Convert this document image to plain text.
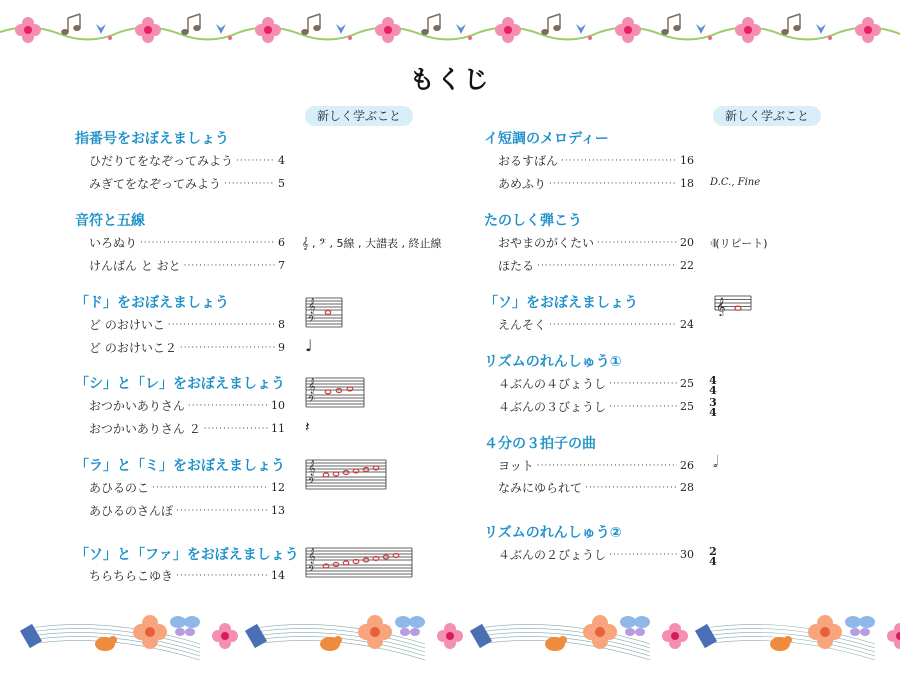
もくじ
新しく学ぶこと	新しく学ぶこと
指番号をおぼえましょう
ひだりてをなぞってみよう ·····	4
みぎてをなぞってみよう ·····	5
音符と五線
いろぬり ·····	6
けんばん と おと ·····	7
𝄞 , 𝄢 , 5線 , 大譜表 , 終止線
「ド」をおぼえましょう
ど のおけいこ ·····	8
ど のおけいこ２ ·····	9
𝄞
𝄢
♩
「シ」と「レ」をおぼえましょう
おつかいありさん ·····	10
おつかいありさん ２ ·····	11
𝄞
𝄢
𝄽
「ラ」と「ミ」をおぼえましょう
あひるのこ ·····	12
あひるのさんぽ ·····	13
𝄞
𝄢
「ソ」と「ファ」をおぼえましょう
ちらちらこゆき ·····	14
𝄞
𝄢
イ短調のメロディー
おるすばん ·····	16
あめふり ·····	18 D.C., Fine
たのしく弾こう
おやまのがくたい ·····	20
ほたる ·····	22
𝄇(リピート)
「ソ」をおぼえましょう
えんそく ·····	24
𝄞
リズムのれんしゅう①
４ぶんの４びょうし ·····	25
４ぶんの３びょうし ·····	25
4
4
3
4
４分の３拍子の曲
ヨット ·····	26
なみにゆられて ·····	28
𝅗𝅥
リズムのれんしゅう②
４ぶんの２びょうし ·····	30 2
4
